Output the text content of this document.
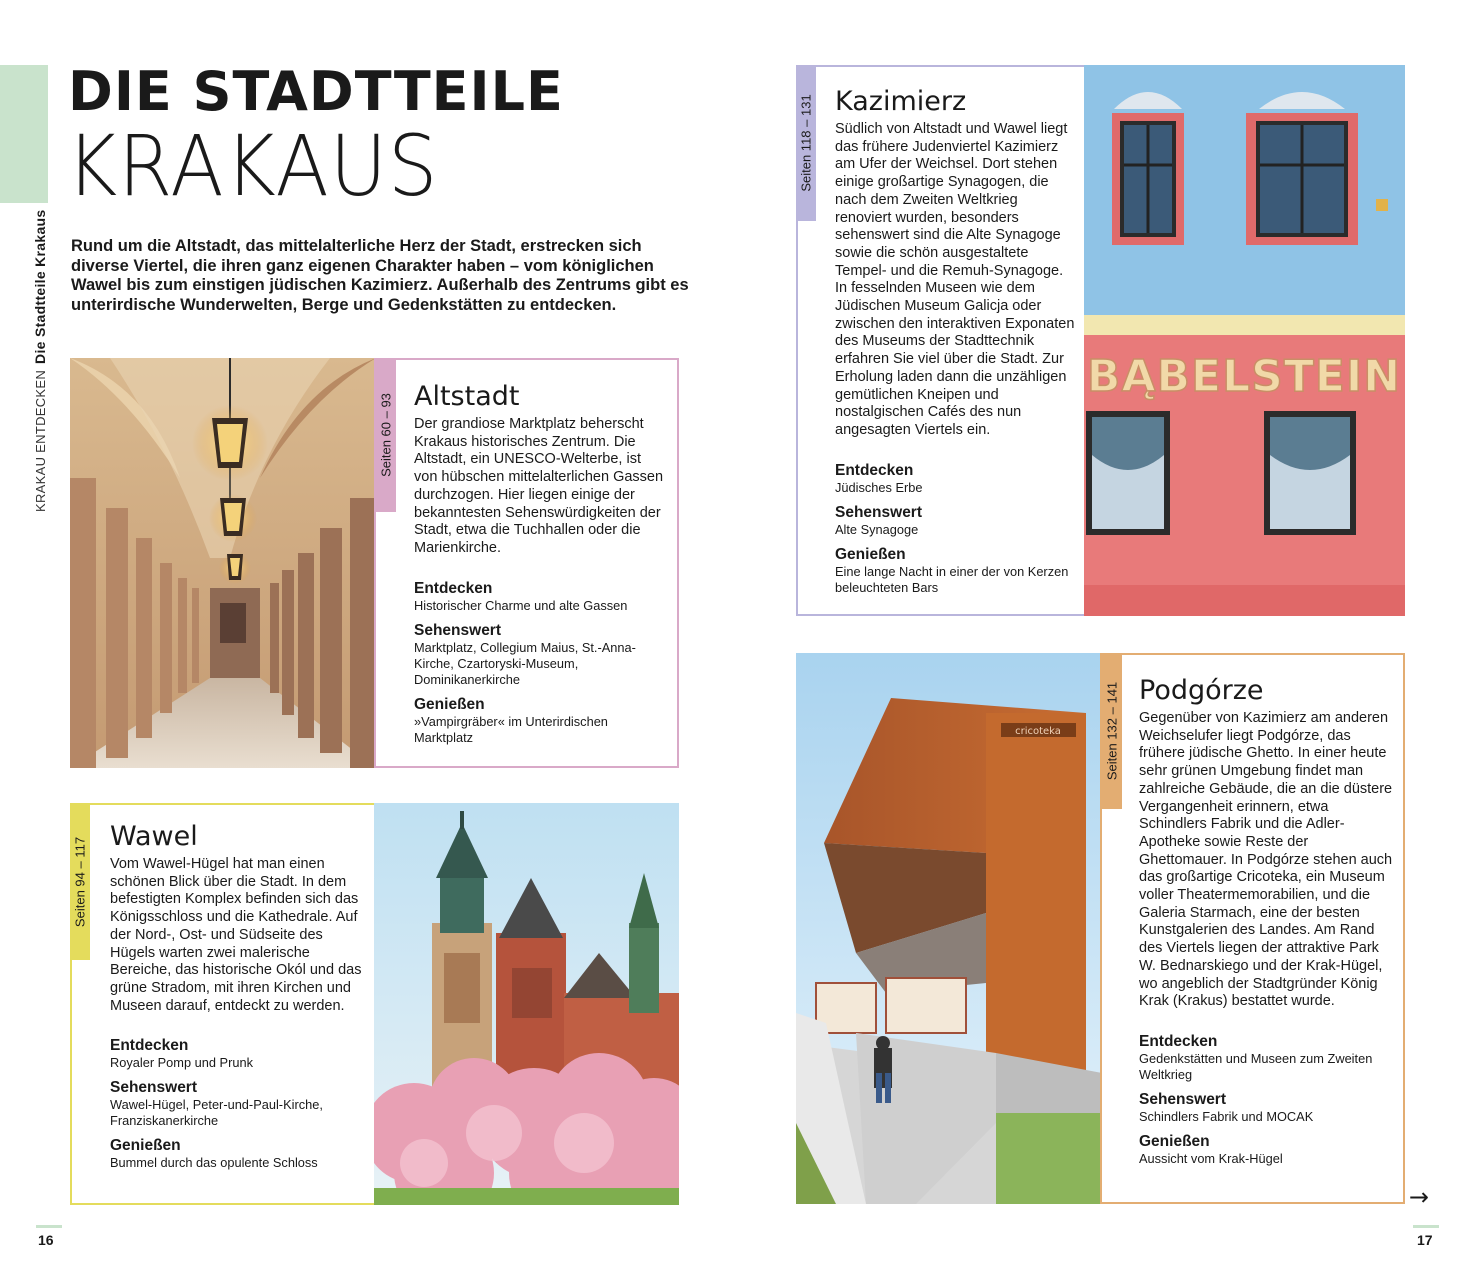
KRAKAU ENTDECKENDie Stadtteile Krakaus
DIE STADTTEILE
KRAKAUS

Rund um die Altstadt, das mittelalterliche Herz der Stadt, erstrecken sich diverse Viertel, die ihren ganz eigenen Charakter haben – vom königlichen Wawel bis zum einstigen jüdischen Kazimierz. Außerhalb des Zentrums gibt es unterirdische Wunderwelten, Berge und Gedenkstätten zu entdecken.

Seiten 60 – 93 Altstadt

Der grandiose Marktplatz beherscht Krakaus historisches Zentrum. Die Altstadt, ein UNESCO-Welterbe, ist von hübschen mittelalterlichen Gassen durchzogen. Hier liegen einige der bekanntesten Sehenswürdigkeiten der Stadt, etwa die Tuchhallen oder die Marienkirche.

Entdecken

Historischer Charme und alte Gassen

Sehenswert

Marktplatz, Collegium Maius, St.-Anna-Kirche, Czartoryski-Museum, Dominikanerkirche

Genießen

»Vampirgräber« im Unterirdischen Marktplatz

Seiten 94 – 117 Wawel

Vom Wawel-Hügel hat man einen schönen Blick über die Stadt. In dem befestigten Komplex befinden sich das Königsschloss und die Kathedrale. Auf der Nord-, Ost- und Südseite des Hügels warten zwei malerische Bereiche, das historische Okól und das grüne Stradom, mit ihren Kirchen und Museen darauf, entdeckt zu werden.

Entdecken

Royaler Pomp und Prunk

Sehenswert

Wawel-Hügel, Peter-und-Paul-Kirche, Franziskanerkirche

Genießen

Bummel durch das opulente Schloss

16
Seiten 118 – 131 Kazimierz

Südlich von Altstadt und Wawel liegt das frühere Judenviertel Kazimierz am Ufer der Weichsel. Dort stehen einige großartige Synagogen, die nach dem Zweiten Weltkrieg renoviert wurden, besonders sehenswert sind die Alte Synagoge sowie die schön ausgestaltete Tempel- und die Remuh-Synagoge. In fesselnden Museen wie dem Jüdischen Museum Galicja oder zwischen den interaktiven Exponaten des Museums der Stadttechnik erfahren Sie viel über die Stadt. Zur Erholung laden dann die unzähligen gemütlichen Kneipen und nostalgischen Cafés des nun angesagten Viertels ein.

Entdecken

Jüdisches Erbe

Sehenswert

Alte Synagoge

Genießen

Eine lange Nacht in einer der von Kerzen beleuchteten Bars

BĄBELSTEIN
cricoteka	Seiten 132 – 141 Podgórze

Gegenüber von Kazimierz am anderen Weichselufer liegt Podgórze, das frühere jüdische Ghetto. In einer heute sehr grünen Umgebung findet man zahlreiche Gebäude, die an die düstere Vergangenheit erinnern, etwa Schindlers Fabrik und die Adler-Apotheke sowie Reste der Ghettomauer. In Podgórze stehen auch das großartige Cricoteka, ein Museum voller Theatermemorabilien, und die Galeria Starmach, eine der besten Kunstgalerien des Landes. Am Rand des Viertels liegen der attraktive Park W. Bednarskiego und der Krak-Hügel, wo angeblich der Stadtgründer König Krak (Krakus) bestattet wurde.

Entdecken

Gedenkstätten und Museen zum Zweiten Weltkrieg

Sehenswert

Schindlers Fabrik und MOCAK

Genießen

Aussicht vom Krak-Hügel

→
17
